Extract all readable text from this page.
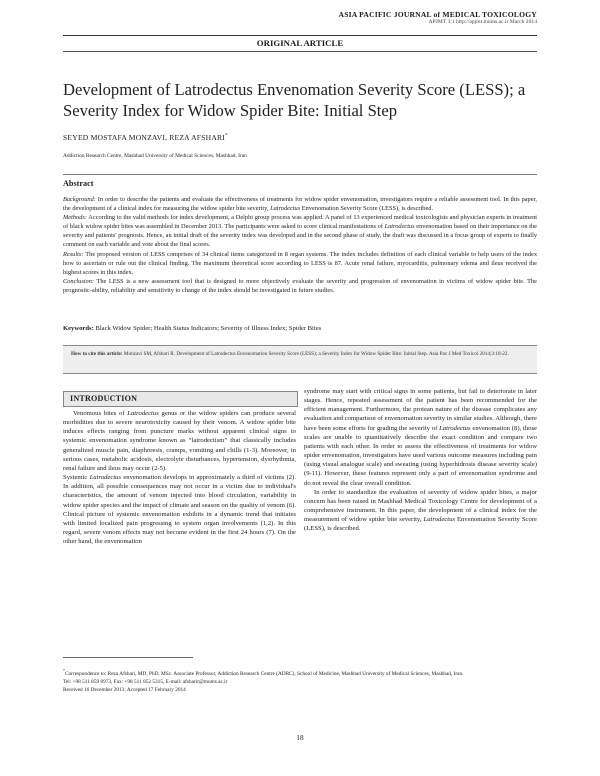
ASIA PACIFIC JOURNAL of MEDICAL TOXICOLOGY
APJMT 3;1 http://apjmt.mums.ac.ir March 2014
ORIGINAL ARTICLE
Development of Latrodectus Envenomation Severity Score (LESS); a Severity Index for Widow Spider Bite: Initial Step
SEYED MOSTAFA MONZAVI, REZA AFSHARI*
Addiction Research Centre, Mashhad University of Medical Sciences, Mashhad, Iran
Abstract

Background: In order to describe the patients and evaluate the effectiveness of treatments for widow spider envenomation, investigators require a reliable assessment tool. In this paper, the development of a clinical index for measuring the widow spider bite severity, Latrodectus Envenomation Severity Score (LESS), is described.

Methods: According to the valid methods for index development, a Delphi group process was applied. A panel of 13 experienced medical toxicologists and physician experts in treatment of black widow spider bites was assembled in December 2013. The participants were asked to score clinical manifestations of Latrodectus envenomation based on their importance on the severity and patients' prognosis. Hence, an initial draft of the severity index was developed and in the second phase of study, the draft was discussed in a focus group of experts to finally comment on each variable and vote about the final scores.

Results: The proposed version of LESS comprises of 34 clinical items categorized in 8 organ systems. The index includes definition of each clinical variable to help users of the index how to ascertain or rule out the clinical finding. The maximum theoretical score according to LESS is 87. Acute renal failure, myocarditis, pulmonary edema and ileus received the highest scores in this index.

Conclusion: The LESS is a new assessment tool that is designed to more objectively evaluate the severity and progression of envenomation in victims of widow spider bite. The prognostic-ability, reliability and sensitivity to change of the index should be investigated in future studies.

Keywords: Black Widow Spider; Health Status Indicators; Severity of Illness Index; Spider Bites
How to cite this article: Monzavi SM, Afshari R. Development of Latrodectus Envenomation Severity Score (LESS); a Severity Index for Widow Spider Bite: Initial Step. Asia Pac J Med Toxicol 2014;3:18-22.
INTRODUCTION

Venomous bites of Latrodectus genus or the widow spiders can produce several morbidities due to severe neurotoxicity caused by their venom. A widow spider bite induces effects ranging from puncture marks without apparent clinical signs to systemic envenomation syndrome known as “latrodectism” that classically includes generalized muscle pain, diaphoresis, cramps, vomiting and chills (1-3). Moreover, in serious cases, metabolic acidosis, electrolyte disturbances, hypertension, dysrhythmia, renal failure and ileus may occur (2-5).

Systemic Latrodectus envenomation develops in approximately a third of victims (2). In addition, all possible consequences may not occur in a victim due to individual's characteristics, the amount of venom injected into blood circulation, variability in widow spider species and the impact of climate and season on the quality of venom (6). Clinical picture of systemic envenomation exhibits in a dynamic trend that initiates with limited localized pain progressing to system organ involvements (1,2). In this regard, severe venom effects may not become evident in the first 24 hours (7). On the other hand, the envenomation

syndrome may start with critical signs in some patients, but fail to deteriorate in later stages. Hence, repeated assessment of the patient has been recommended for the efficient management. Furthermore, the protean nature of the disease complicates any evaluation and comparison of envenomation severity in similar studies. Although, there have been some efforts for grading the severity of Latrodectus envenomation (8), those scales are unable to quantitatively describe the exact condition and compare two patients with each other. In order to assess the effectiveness of treatments for widow spider envenomation, investigators have used various outcome measures including pain (using visual analogue scale) and sweating (using hyperhidrosis disease severity scale) (9-11). However, these features represent only a part of envenomation syndrome and do not reveal the clear overall condition.

In order to standardize the evaluation of severity of widow spider bites, a major concern has been raised in Mashhad Medical Toxicology Centre for development of a comprehensive instrument. In this paper, the development of a clinical index for the measurement of widow spider bite severity, Latrodectus Envenomation Severity Score (LESS), is described.

*Correspondence to: Reza Afshari, MD, PhD, MSc. Associate Professor, Addiction Research Centre (ADRC), School of Medicine, Mashhad University of Medical Sciences, Mashhad, Iran.

Tel: +98 511 859 8973, Fax: +98 511 852 5315, E-mail: afsharir@mums.ac.ir

Received 16 December 2013; Accepted 17 February 2014

18
